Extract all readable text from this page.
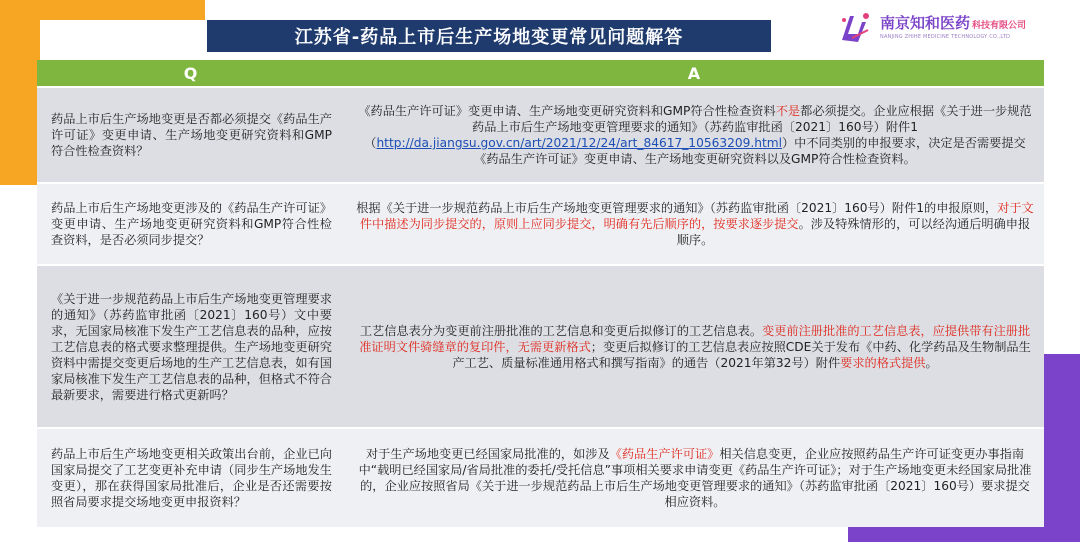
江苏省-药品上市后生产场地变更常见问题解答
南京知和医药 科技有限公司
NANJING ZHIHE MEDICINE TECHNOLOGY CO.,LTD
Q	A
药品上市后生产场地变更是否都必须提交《药品生产许可证》变更申请、生产场地变更研究资料和GMP符合性检查资料？	《药品生产许可证》变更申请、生产场地变更研究资料和GMP符合性检查资料不是都必须提交。企业应根据《关于进一步规范药品上市后生产场地变更管理要求的通知》（苏药监审批函〔2021〕160号）附件1（http://da.jiangsu.gov.cn/art/2021/12/24/art_84617_10563209.html）中不同类别的申报要求，决定是否需要提交《药品生产许可证》变更申请、生产场地变更研究资料以及GMP符合性检查资料。
药品上市后生产场地变更涉及的《药品生产许可证》变更申请、生产场地变更研究资料和GMP符合性检查资料，是否必须同步提交？	根据《关于进一步规范药品上市后生产场地变更管理要求的通知》（苏药监审批函〔2021〕160号）附件1的申报原则，对于文件中描述为同步提交的，原则上应同步提交，明确有先后顺序的，按要求逐步提交。涉及特殊情形的，可以经沟通后明确申报顺序。
《关于进一步规范药品上市后生产场地变更管理要求的通知》（苏药监审批函〔2021〕160号）文中要求，无国家局核准下发生产工艺信息表的品种，应按工艺信息表的格式要求整理提供。生产场地变更研究资料中需提交变更后场地的生产工艺信息表，如有国家局核准下发生产工艺信息表的品种，但格式不符合最新要求，需要进行格式更新吗？	工艺信息表分为变更前注册批准的工艺信息和变更后拟修订的工艺信息表。变更前注册批准的工艺信息表，应提供带有注册批准证明文件骑缝章的复印件，无需更新格式；变更后拟修订的工艺信息表应按照CDE关于发布《中药、化学药品及生物制品生产工艺、质量标准通用格式和撰写指南》的通告（2021年第32号）附件要求的格式提供。
药品上市后生产场地变更相关政策出台前，企业已向国家局提交了工艺变更补充申请（同步生产场地发生变更），那在获得国家局批准后，企业是否还需要按照省局要求提交场地变更申报资料？	对于生产场地变更已经国家局批准的，如涉及《药品生产许可证》相关信息变更，企业应按照药品生产许可证变更办事指南中“载明已经国家局/省局批准的委托/受托信息”事项相关要求申请变更《药品生产许可证》；对于生产场地变更未经国家局批准的，企业应按照省局《关于进一步规范药品上市后生产场地变更管理要求的通知》（苏药监审批函〔2021〕160号）要求提交相应资料。
